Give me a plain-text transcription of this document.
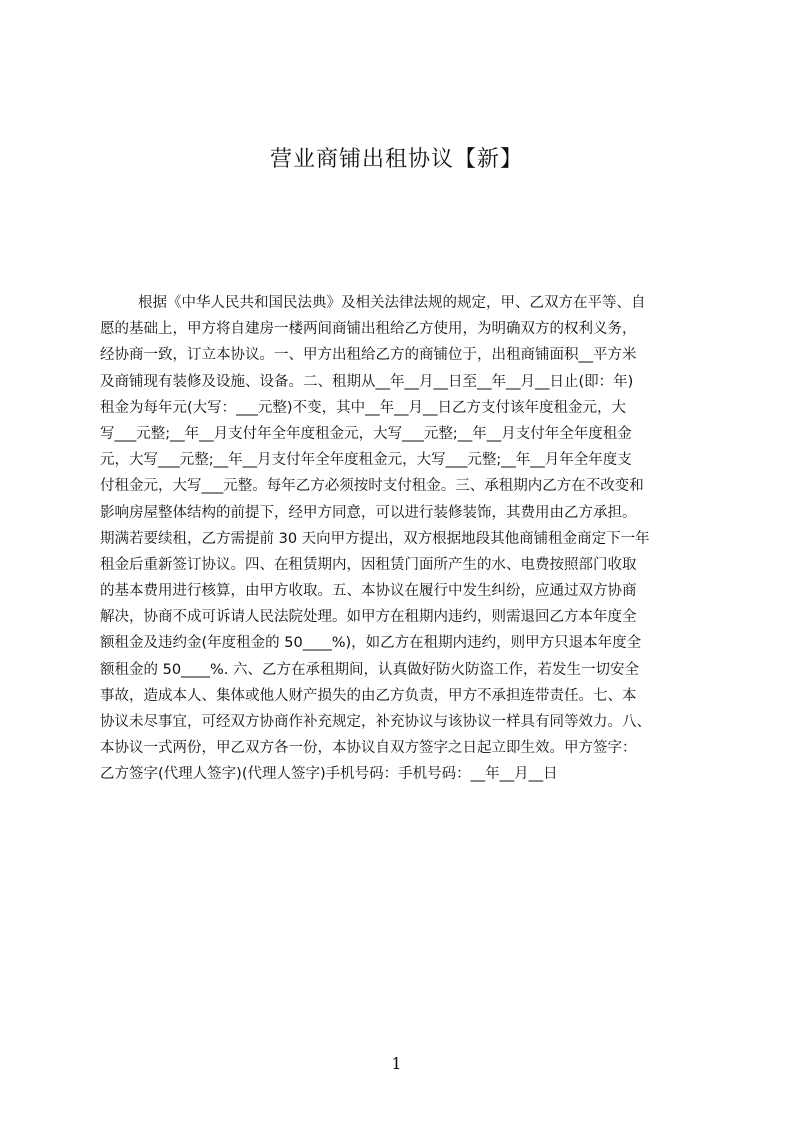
营业商铺出租协议【新】
根据《中华人民共和国民法典》及相关法律法规的规定，甲、乙双方在平等、自
愿的基础上，甲方将自建房一楼两间商铺出租给乙方使用，为明确双方的权利义务，
经协商一致，订立本协议。一、甲方出租给乙方的商铺位于，出租商铺面积__平方米
及商铺现有装修及设施、设备。二、租期从__年__月__日至__年__月__日止(即：年)
租金为每年元(大写：___元整)不变，其中__年__月__日乙方支付该年度租金元，大
写___元整;__年__月支付年全年度租金元，大写___元整;__年__月支付年全年度租金
元，大写___元整;__年__月支付年全年度租金元，大写___元整;__年__月年全年度支
付租金元，大写___元整。每年乙方必须按时支付租金。三、承租期内乙方在不改变和
影响房屋整体结构的前提下，经甲方同意，可以进行装修装饰，其费用由乙方承担。
期满若要续租，乙方需提前 30 天向甲方提出，双方根据地段其他商铺租金商定下一年
租金后重新签订协议。四、在租赁期内，因租赁门面所产生的水、电费按照部门收取
的基本费用进行核算，由甲方收取。五、本协议在履行中发生纠纷，应通过双方协商
解决，协商不成可诉请人民法院处理。如甲方在租期内违约，则需退回乙方本年度全
额租金及违约金(年度租金的 50____%)，如乙方在租期内违约，则甲方只退本年度全
额租金的 50____%. 六、乙方在承租期间，认真做好防火防盗工作，若发生一切安全
事故，造成本人、集体或他人财产损失的由乙方负责，甲方不承担连带责任。七、本
协议未尽事宜，可经双方协商作补充规定，补充协议与该协议一样具有同等效力。八、
本协议一式两份，甲乙双方各一份，本协议自双方签字之日起立即生效。甲方签字：
乙方签字(代理人签字)(代理人签字)手机号码：手机号码：__年__月__日
1
